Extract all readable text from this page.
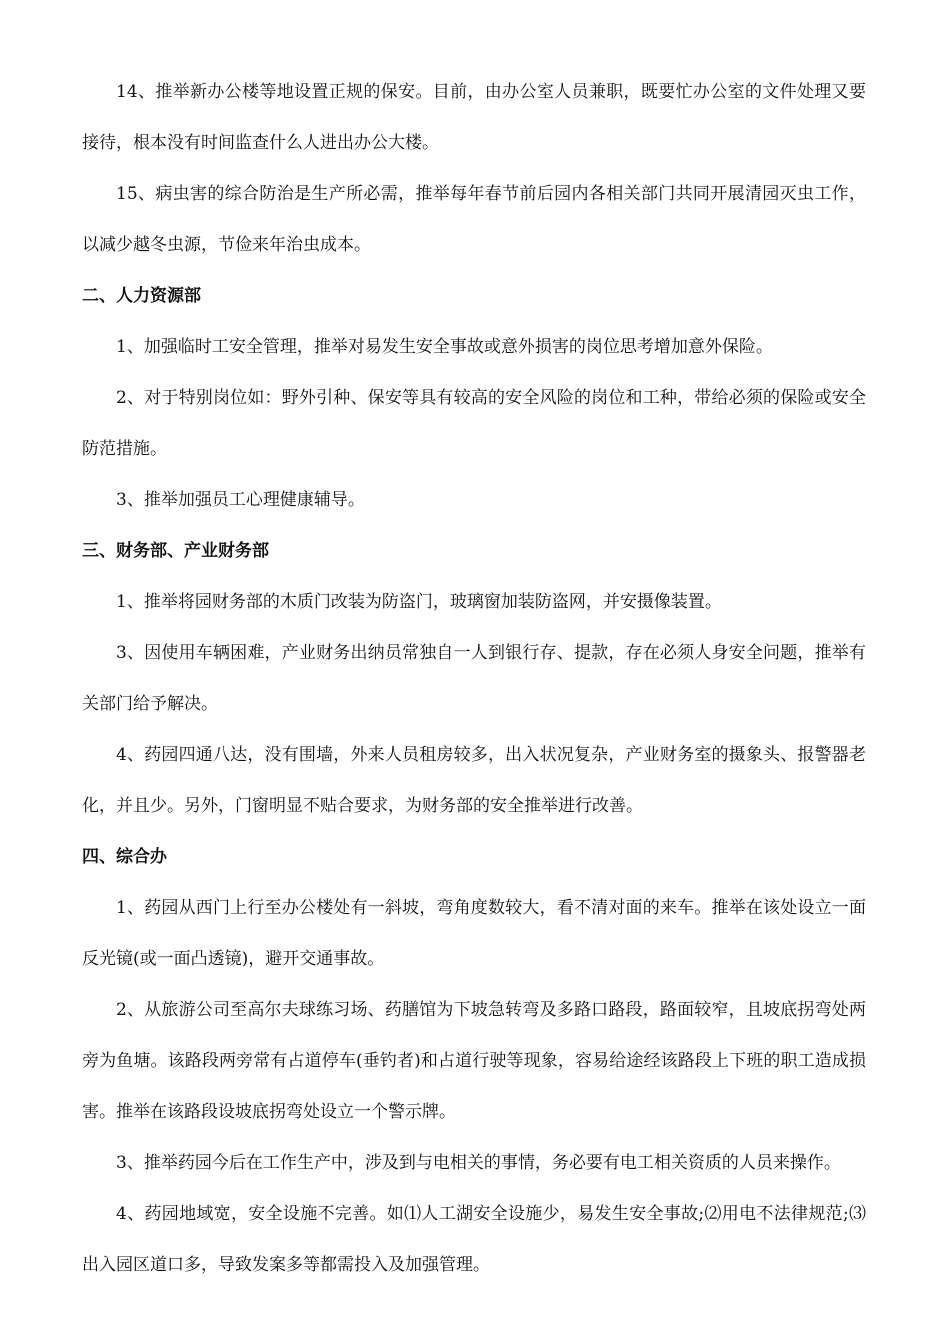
14、推举新办公楼等地设置正规的保安。目前，由办公室人员兼职，既要忙办公室的文件处理又要接待，根本没有时间监查什么人进出办公大楼。

15、病虫害的综合防治是生产所必需，推举每年春节前后园内各相关部门共同开展清园灭虫工作，以减少越冬虫源，节俭来年治虫成本。

二、人力资源部

1、加强临时工安全管理，推举对易发生安全事故或意外损害的岗位思考增加意外保险。

2、对于特别岗位如：野外引种、保安等具有较高的安全风险的岗位和工种，带给必须的保险或安全防范措施。

3、推举加强员工心理健康辅导。

三、财务部、产业财务部

1、推举将园财务部的木质门改装为防盗门，玻璃窗加装防盗网，并安摄像装置。

3、因使用车辆困难，产业财务出纳员常独自一人到银行存、提款，存在必须人身安全问题，推举有关部门给予解决。

4、药园四通八达，没有围墙，外来人员租房较多，出入状况复杂，产业财务室的摄象头、报警器老化，并且少。另外，门窗明显不贴合要求，为财务部的安全推举进行改善。

四、综合办

1、药园从西门上行至办公楼处有一斜坡，弯角度数较大，看不清对面的来车。推举在该处设立一面反光镜(或一面凸透镜)，避开交通事故。

2、从旅游公司至高尔夫球练习场、药膳馆为下坡急转弯及多路口路段，路面较窄，且坡底拐弯处两旁为鱼塘。该路段两旁常有占道停车(垂钓者)和占道行驶等现象，容易给途经该路段上下班的职工造成损害。推举在该路段设坡底拐弯处设立一个警示牌。

3、推举药园今后在工作生产中，涉及到与电相关的事情，务必要有电工相关资质的人员来操作。

4、药园地域宽，安全设施不完善。如⑴人工湖安全设施少，易发生安全事故;⑵用电不法律规范;⑶出入园区道口多，导致发案多等都需投入及加强管理。
